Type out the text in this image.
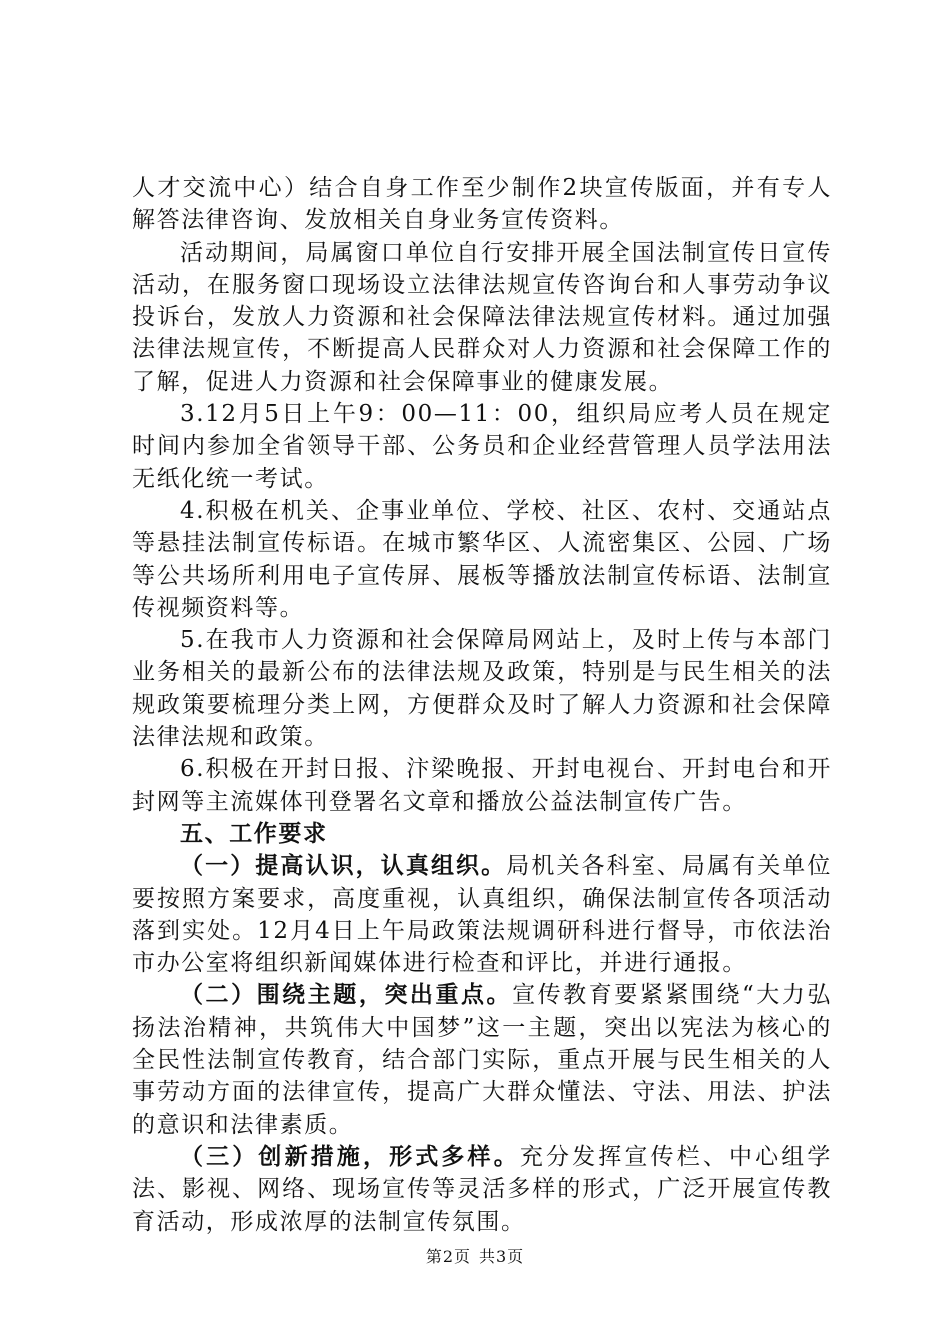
人才交流中心）结合自身工作至少制作2块宣传版面，并有专人解答法律咨询、发放相关自身业务宣传资料。

活动期间，局属窗口单位自行安排开展全国法制宣传日宣传活动，在服务窗口现场设立法律法规宣传咨询台和人事劳动争议投诉台，发放人力资源和社会保障法律法规宣传材料。通过加强法律法规宣传，不断提高人民群众对人力资源和社会保障工作的了解，促进人力资源和社会保障事业的健康发展。

3.12月5日上午9：00—11：00，组织局应考人员在规定时间内参加全省领导干部、公务员和企业经营管理人员学法用法无纸化统一考试。

4.积极在机关、企事业单位、学校、社区、农村、交通站点等悬挂法制宣传标语。在城市繁华区、人流密集区、公园、广场等公共场所利用电子宣传屏、展板等播放法制宣传标语、法制宣传视频资料等。

5.在我市人力资源和社会保障局网站上，及时上传与本部门业务相关的最新公布的法律法规及政策，特别是与民生相关的法规政策要梳理分类上网，方便群众及时了解人力资源和社会保障法律法规和政策。

6.积极在开封日报、汴梁晚报、开封电视台、开封电台和开封网等主流媒体刊登署名文章和播放公益法制宣传广告。

五、工作要求

（一）提高认识，认真组织。局机关各科室、局属有关单位要按照方案要求，高度重视，认真组织，确保法制宣传各项活动落到实处。12月4日上午局政策法规调研科进行督导，市依法治市办公室将组织新闻媒体进行检查和评比，并进行通报。

（二）围绕主题，突出重点。宣传教育要紧紧围绕“大力弘扬法治精神，共筑伟大中国梦”这一主题，突出以宪法为核心的全民性法制宣传教育，结合部门实际，重点开展与民生相关的人事劳动方面的法律宣传，提高广大群众懂法、守法、用法、护法的意识和法律素质。

（三）创新措施，形式多样。充分发挥宣传栏、中心组学法、影视、网络、现场宣传等灵活多样的形式，广泛开展宣传教育活动，形成浓厚的法制宣传氛围。

第2页 共3页
